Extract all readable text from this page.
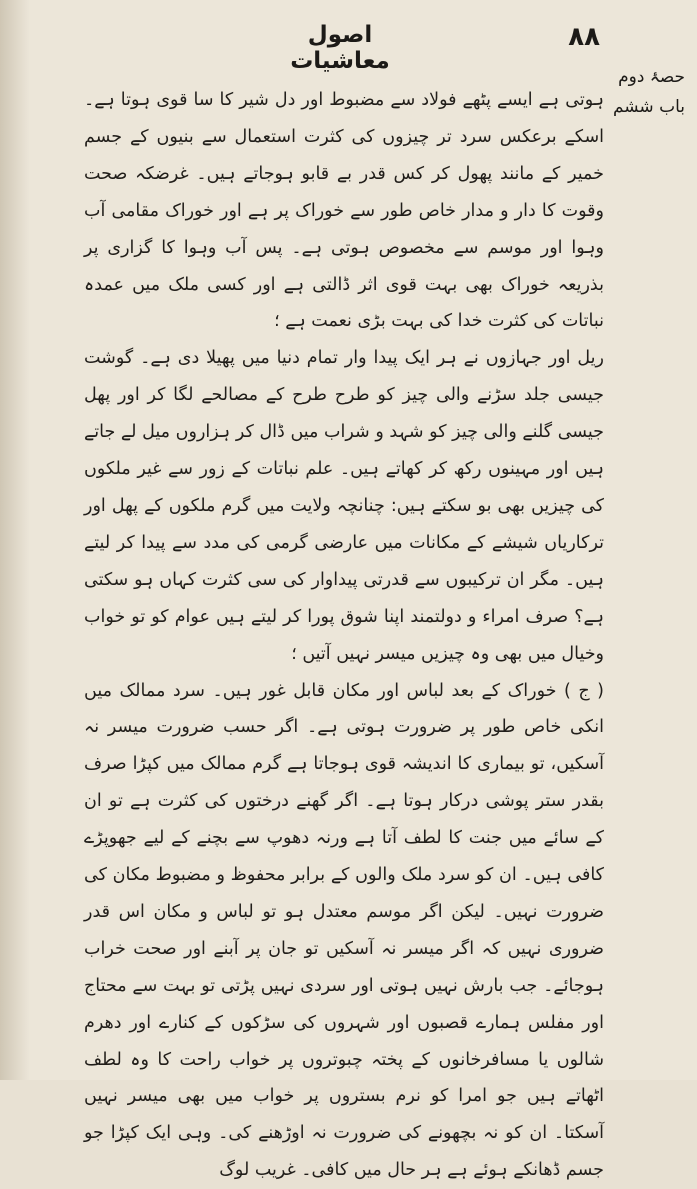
اصول معاشیات
۸۸
حصۂ دوم
باب ششم

ہوتی ہے ایسے پٹھے فولاد سے مضبوط اور دل شیر کا سا قوی ہوتا ہے۔ اسکے برعکس سرد تر چیزوں کی کثرت استعمال سے بنیوں کے جسم خمیر کے مانند پھول کر کس قدر بے قابو ہوجاتے ہیں۔ غرضکہ صحت وقوت کا دار و مدار خاص طور سے خوراک پر ہے اور خوراک مقامی آب وہوا اور موسم سے مخصوص ہوتی ہے۔ پس آب وہوا کا گزاری پر بذریعہ خوراک بھی بہت قوی اثر ڈالتی ہے اور کسی ملک میں عمدہ نباتات کی کثرت خدا کی بہت بڑی نعمت ہے ؛

ریل اور جہازوں نے ہر ایک پیدا وار تمام دنیا میں پھیلا دی ہے۔ گوشت جیسی جلد سڑنے والی چیز کو طرح طرح کے مصالحے لگا کر اور پھل جیسی گلنے والی چیز کو شہد و شراب میں ڈال کر ہزاروں میل لے جاتے ہیں اور مہینوں رکھ کر کھاتے ہیں۔ علم نباتات کے زور سے غیر ملکوں کی چیزیں بھی بو سکتے ہیں: چنانچہ ولایت میں گرم ملکوں کے پھل اور ترکاریاں شیشے کے مکانات میں عارضی گرمی کی مدد سے پیدا کر لیتے ہیں۔ مگر ان ترکیبوں سے قدرتی پیداوار کی سی کثرت کہاں ہو سکتی ہے؟ صرف امراء و دولتمند اپنا شوق پورا کر لیتے ہیں عوام کو تو خواب وخیال میں بھی وہ چیزیں میسر نہیں آتیں ؛

( ج ) خوراک کے بعد لباس اور مکان قابل غور ہیں۔ سرد ممالک میں انکی خاص طور پر ضرورت ہوتی ہے۔ اگر حسب ضرورت میسر نہ آسکیں، تو بیماری کا اندیشہ قوی ہوجاتا ہے گرم ممالک میں کپڑا صرف بقدر ستر پوشی درکار ہوتا ہے۔ اگر گھنے درختوں کی کثرت ہے تو ان کے سائے میں جنت کا لطف آتا ہے ورنہ دھوپ سے بچنے کے لیے جھوپڑے کافی ہیں۔ ان کو سرد ملک والوں کے برابر محفوظ و مضبوط مکان کی ضرورت نہیں۔ لیکن اگر موسم معتدل ہو تو لباس و مکان اس قدر ضروری نہیں کہ اگر میسر نہ آسکیں تو جان پر آبنے اور صحت خراب ہوجائے۔ جب بارش نہیں ہوتی اور سردی نہیں پڑتی تو بہت سے محتاج اور مفلس ہمارے قصبوں اور شہروں کی سڑکوں کے کنارے اور دھرم شالوں یا مسافرخانوں کے پختہ چبوتروں پر خواب راحت کا وہ لطف اٹھاتے ہیں جو امرا کو نرم بستروں پر خواب میں بھی میسر نہیں آسکتا۔ ان کو نہ بچھونے کی ضرورت نہ اوڑھنے کی۔ وہی ایک کپڑا جو جسم ڈھانکے ہوئے ہے ہر حال میں کافی۔ غریب لوگ
